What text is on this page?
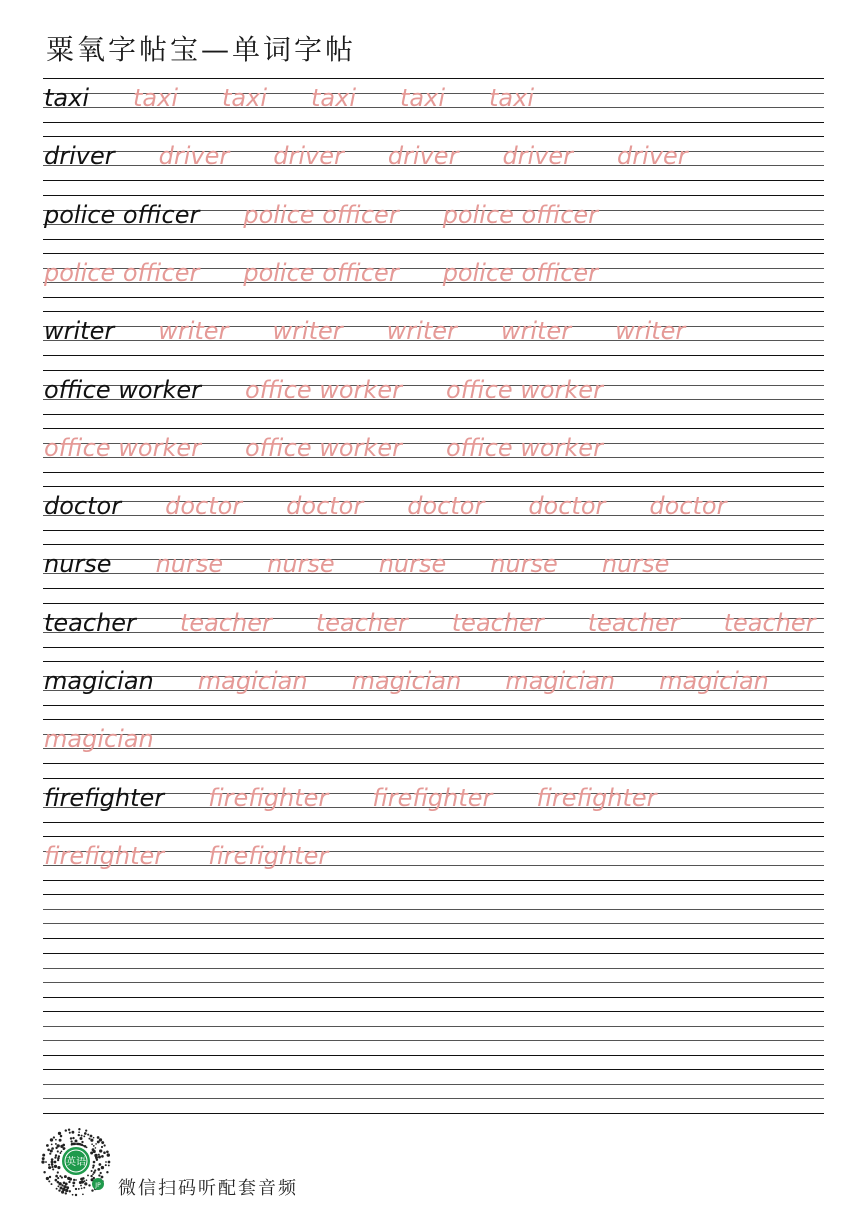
粟氧字帖宝—单词字帖
taxi taxi taxi taxi taxi taxi
driver driver driver driver driver driver
police officer police officer police officer
police officer police officer police officer
writer writer writer writer writer writer
office worker office worker office worker
office worker office worker office worker
doctor doctor doctor doctor doctor doctor
nurse nurse nurse nurse nurse nurse
teacher teacher teacher teacher teacher teacher
magician magician magician magician magician
magician
firefighter firefighter firefighter firefighter
firefighter firefighter
英语
JP 微信扫码听配套音频
